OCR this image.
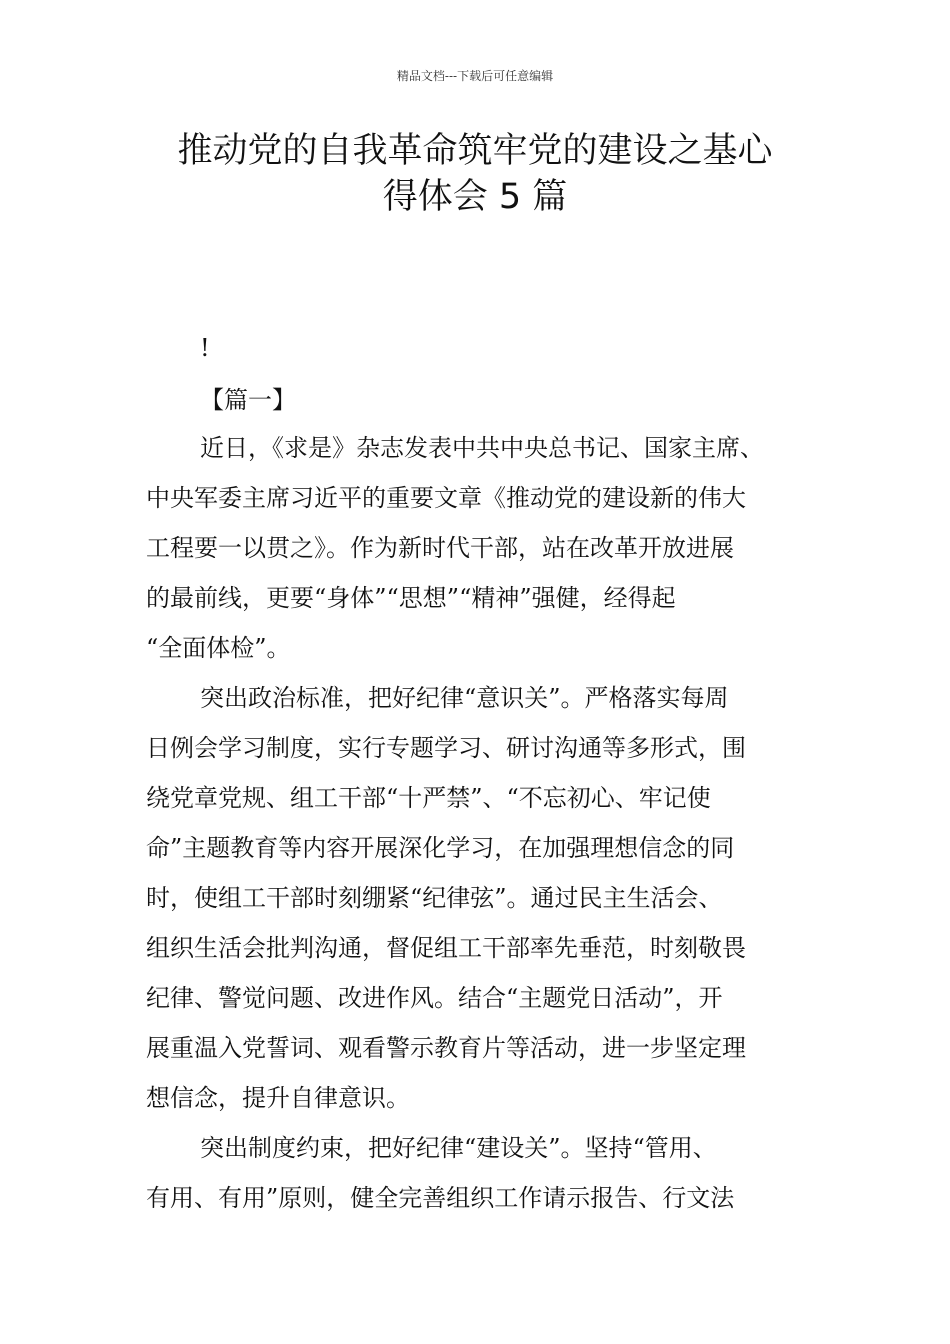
精品文档---下载后可任意编辑
推动党的自我革命筑牢党的建设之基心
得体会 5 篇
!
【篇一】
近日，《求是》杂志发表中共中央总书记、国家主席、
中央军委主席习近平的重要文章《推动党的建设新的伟大
工程要一以贯之》。作为新时代干部，站在改革开放进展
的最前线，更要“身体”“思想”“精神”强健，经得起
“全面体检”。
突出政治标准，把好纪律“意识关”。严格落实每周
日例会学习制度，实行专题学习、研讨沟通等多形式，围
绕党章党规、组工干部“十严禁”、“不忘初心、牢记使
命”主题教育等内容开展深化学习，在加强理想信念的同
时，使组工干部时刻绷紧“纪律弦”。通过民主生活会、
组织生活会批判沟通，督促组工干部率先垂范，时刻敬畏
纪律、警觉问题、改进作风。结合“主题党日活动”，开
展重温入党誓词、观看警示教育片等活动，进一步坚定理
想信念，提升自律意识。
突出制度约束，把好纪律“建设关”。坚持“管用、
有用、有用”原则，健全完善组织工作请示报告、行文法
